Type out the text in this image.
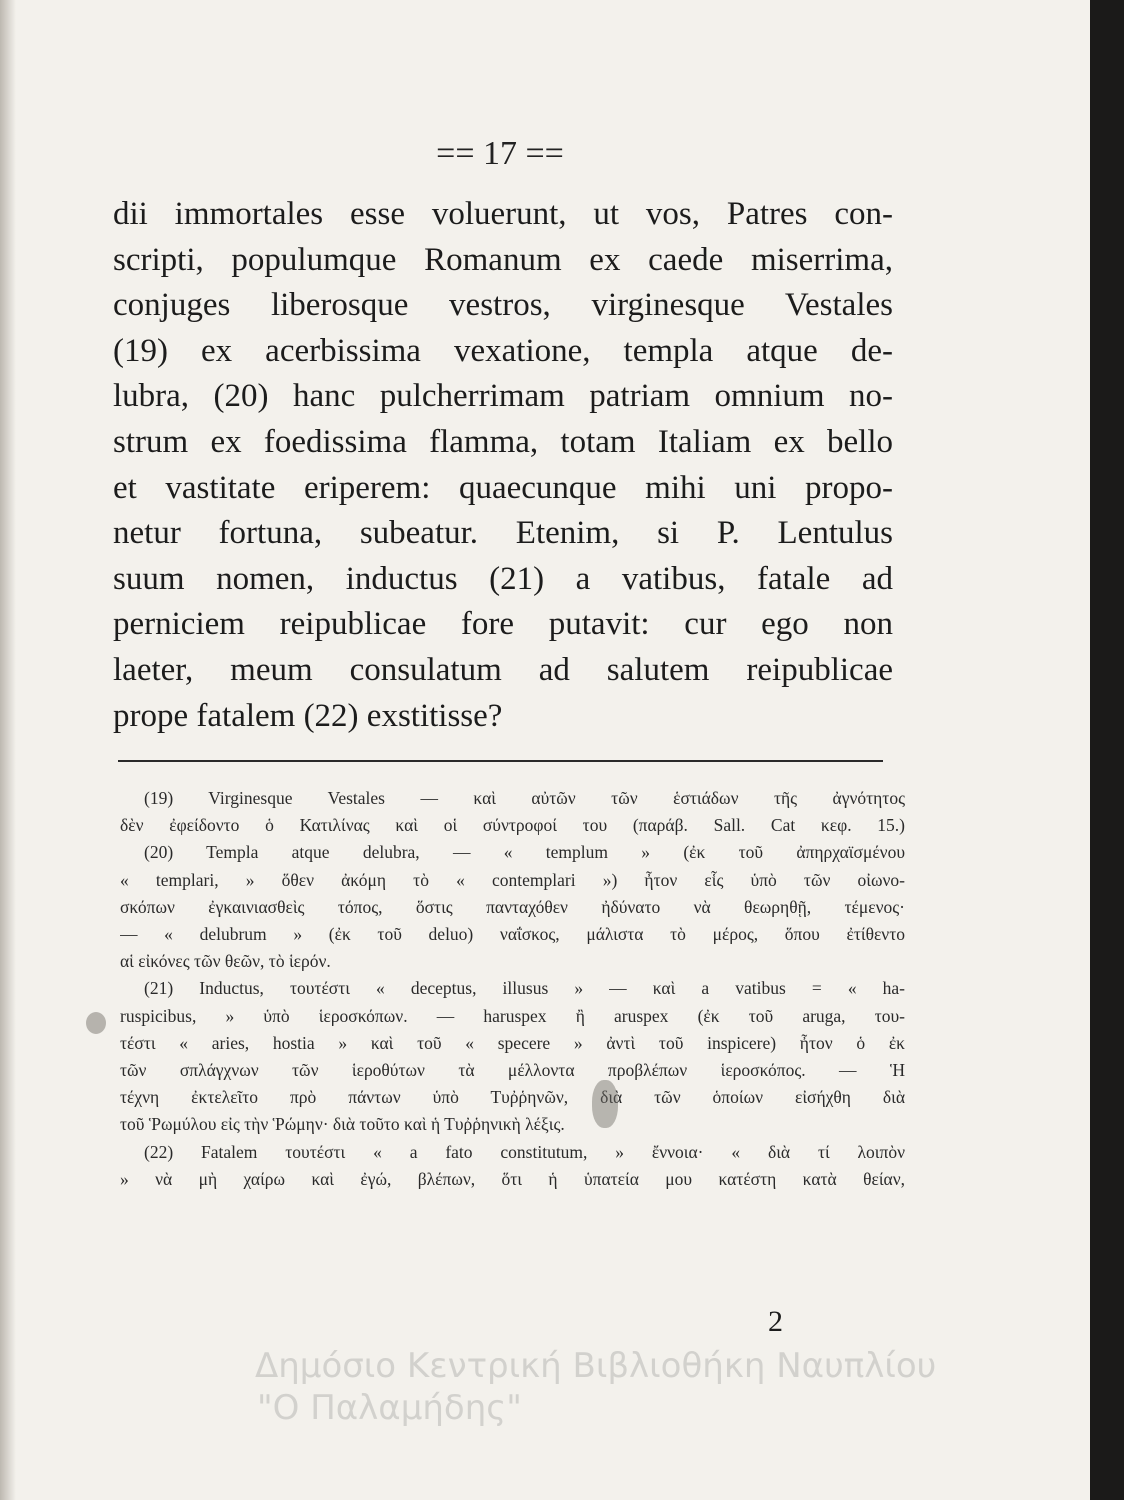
== 17 ==
dii immortales esse voluerunt, ut vos, Patres con-
scripti, populumque Romanum ex caede miserrima,
conjuges liberosque vestros, virginesque Vestales
(19) ex acerbissima vexatione, templa atque de-
lubra, (20) hanc pulcherrimam patriam omnium no-
strum ex foedissima flamma, totam Italiam ex bello
et vastitate eriperem: quaecunque mihi uni propo-
netur fortuna, subeatur. Etenim, si P. Lentulus
suum nomen, inductus (21) a vatibus, fatale ad
perniciem reipublicae fore putavit: cur ego non
laeter, meum consulatum ad salutem reipublicae
prope fatalem (22) exstitisse?
(19) Virginesque Vestales — καὶ αὐτῶν τῶν ἑστιάδων τῆς ἀγνότητος
δὲν ἐφείδοντο ὁ Κατιλίνας καὶ οἱ σύντροφοί του (παράβ. Sall. Cat κεφ. 15.)
(20) Templa atque delubra, — « templum » (ἐκ τοῦ ἀπηρχαϊσμένου
« templari, » ὅθεν ἀκόμη τὸ « contemplari ») ἦτον εἷς ὑπὸ τῶν οἰωνο-
σκόπων ἐγκαινιασθεὶς τόπος, ὅστις πανταχόθεν ἠδύνατο νὰ θεωρηθῇ, τέμενος·
— « delubrum » (ἐκ τοῦ deluo) ναΐσκος, μάλιστα τὸ μέρος, ὅπου ἐτίθεντο
αἱ εἰκόνες τῶν θεῶν, τὸ ἱερόν.
(21) Inductus, τουτέστι « deceptus, illusus » — καὶ a vatibus = « ha-
ruspicibus, » ὑπὸ ἱεροσκόπων. — haruspex ἢ aruspex (ἐκ τοῦ aruga, του-
τέστι « aries, hostia » καὶ τοῦ « specere » ἀντὶ τοῦ inspicere) ἦτον ὁ ἐκ
τῶν σπλάγχνων τῶν ἱεροθύτων τὰ μέλλοντα προβλέπων ἱεροσκόπος. — Ἡ
τέχνη ἐκτελεῖτο πρὸ πάντων ὑπὸ Τυῤῥηνῶν, διὰ τῶν ὁποίων εἰσήχθη διὰ
τοῦ Ῥωμύλου εἰς τὴν Ῥώμην· διὰ τοῦτο καὶ ἡ Τυῤῥηνικὴ λέξις.
(22) Fatalem τουτέστι « a fato constitutum, » ἔννοια· « διὰ τί λοιπὸν
» νὰ μὴ χαίρω καὶ ἐγώ, βλέπων, ὅτι ἡ ὑπατεία μου κατέστη κατὰ θείαν,
2
Δημόσιο Κεντρική Βιβλιοθήκη Ναυπλίου
"Ο Παλαμήδης"
